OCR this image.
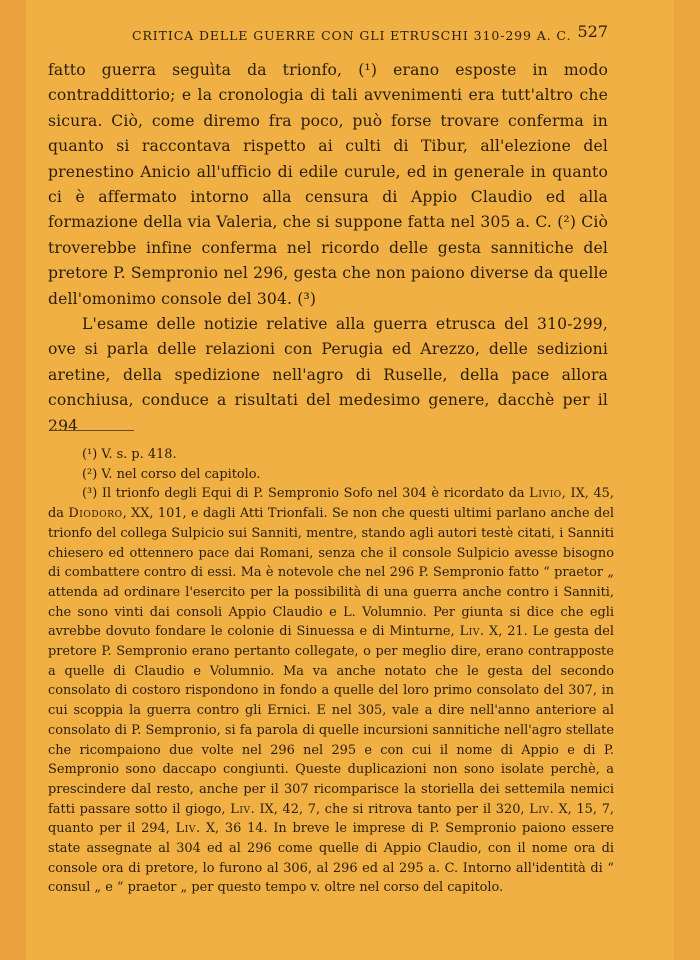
CRITICA DELLE GUERRE CON GLI ETRUSCHI 310-299 A. C. 527

fatto guerra seguìta da trionfo, (¹) erano esposte in modo contraddittorio; e la cronologia di tali avvenimenti era tutt'altro che sicura. Ciò, come diremo fra poco, può forse trovare conferma in quanto si raccontava rispetto ai culti di Tibur, all'elezione del prenestino Anicio all'ufficio di edile curule, ed in generale in quanto ci è affermato intorno alla censura di Appio Claudio ed alla formazione della via Valeria, che si suppone fatta nel 305 a. C. (²) Ciò troverebbe infine conferma nel ricordo delle gesta sannitiche del pretore P. Sempronio nel 296, gesta che non paiono diverse da quelle dell'omonimo console del 304. (³)

L'esame delle notizie relative alla guerra etrusca del 310-299, ove si parla delle relazioni con Perugia ed Arezzo, delle sedizioni aretine, della spedizione nell'agro di Ruselle, della pace allora conchiusa, conduce a risultati del medesimo genere, dacchè per il 294

(¹) V. s. p. 418.

(²) V. nel corso del capitolo.

(³) Il trionfo degli Equi di P. Sempronio Sofo nel 304 è ricordato da Livio, IX, 45, da Diodoro, XX, 101, e dagli Atti Trionfali. Se non che questi ultimi parlano anche del trionfo del collega Sulpicio sui Sanniti, mentre, stando agli autori testè citati, i Sanniti chiesero ed ottennero pace dai Romani, senza che il console Sulpicio avesse bisogno di combattere contro di essi. Ma è notevole che nel 296 P. Sempronio fatto “ praetor „ attenda ad ordinare l'esercito per la possibilità di una guerra anche contro i Sanniti, che sono vinti dai consoli Appio Claudio e L. Volumnio. Per giunta si dice che egli avrebbe dovuto fondare le colonie di Sinuessa e di Minturne, Liv. X, 21. Le gesta del pretore P. Sempronio erano pertanto collegate, o per meglio dire, erano contrapposte a quelle di Claudio e Volumnio. Ma va anche notato che le gesta del secondo consolato di costoro rispondono in fondo a quelle del loro primo consolato del 307, in cui scoppia la guerra contro gli Ernici. E nel 305, vale a dire nell'anno anteriore al consolato di P. Sempronio, si fa parola di quelle incursioni sannitiche nell'agro stellate che ricompaiono due volte nel 296 nel 295 e con cui il nome di Appio e di P. Sempronio sono daccapo congiunti. Queste duplicazioni non sono isolate perchè, a prescindere dal resto, anche per il 307 ricomparisce la storiella dei settemila nemici fatti passare sotto il giogo, Liv. IX, 42, 7, che si ritrova tanto per il 320, Liv. X, 15, 7, quanto per il 294, Liv. X, 36 14. In breve le imprese di P. Sempronio paiono essere state assegnate al 304 ed al 296 come quelle di Appio Claudio, con il nome ora di console ora di pretore, lo furono al 306, al 296 ed al 295 a. C. Intorno all'identità di “ consul „ e “ praetor „ per questo tempo v. oltre nel corso del capitolo.
